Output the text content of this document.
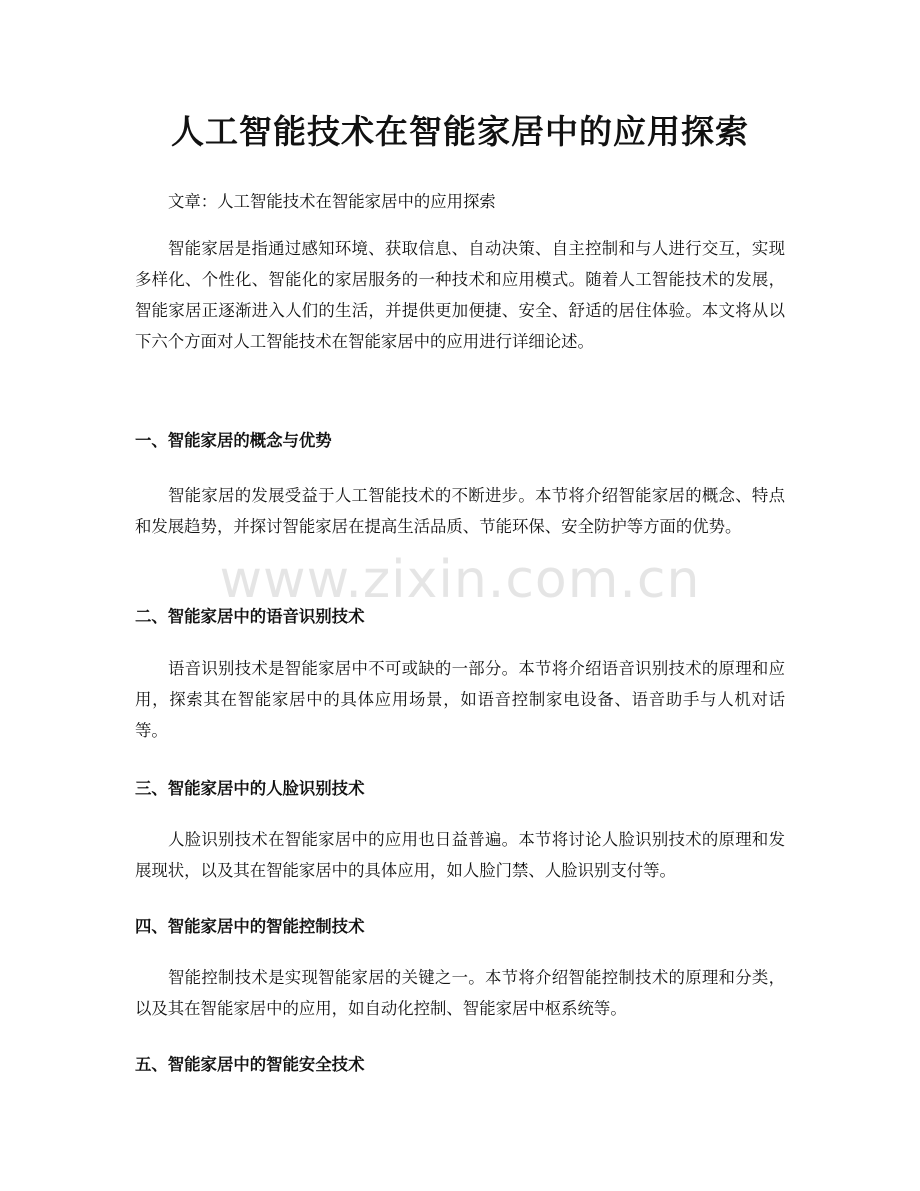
人工智能技术在智能家居中的应用探索

文章：人工智能技术在智能家居中的应用探索

智能家居是指通过感知环境、获取信息、自动决策、自主控制和与人进行交互，实现多样化、个性化、智能化的家居服务的一种技术和应用模式。随着人工智能技术的发展，智能家居正逐渐进入人们的生活，并提供更加便捷、安全、舒适的居住体验。本文将从以下六个方面对人工智能技术在智能家居中的应用进行详细论述。

一、智能家居的概念与优势

智能家居的发展受益于人工智能技术的不断进步。本节将介绍智能家居的概念、特点和发展趋势，并探讨智能家居在提高生活品质、节能环保、安全防护等方面的优势。

二、智能家居中的语音识别技术

语音识别技术是智能家居中不可或缺的一部分。本节将介绍语音识别技术的原理和应用，探索其在智能家居中的具体应用场景，如语音控制家电设备、语音助手与人机对话等。

三、智能家居中的人脸识别技术

人脸识别技术在智能家居中的应用也日益普遍。本节将讨论人脸识别技术的原理和发展现状，以及其在智能家居中的具体应用，如人脸门禁、人脸识别支付等。

四、智能家居中的智能控制技术

智能控制技术是实现智能家居的关键之一。本节将介绍智能控制技术的原理和分类，以及其在智能家居中的应用，如自动化控制、智能家居中枢系统等。

五、智能家居中的智能安全技术
www.zixin.com.cn
